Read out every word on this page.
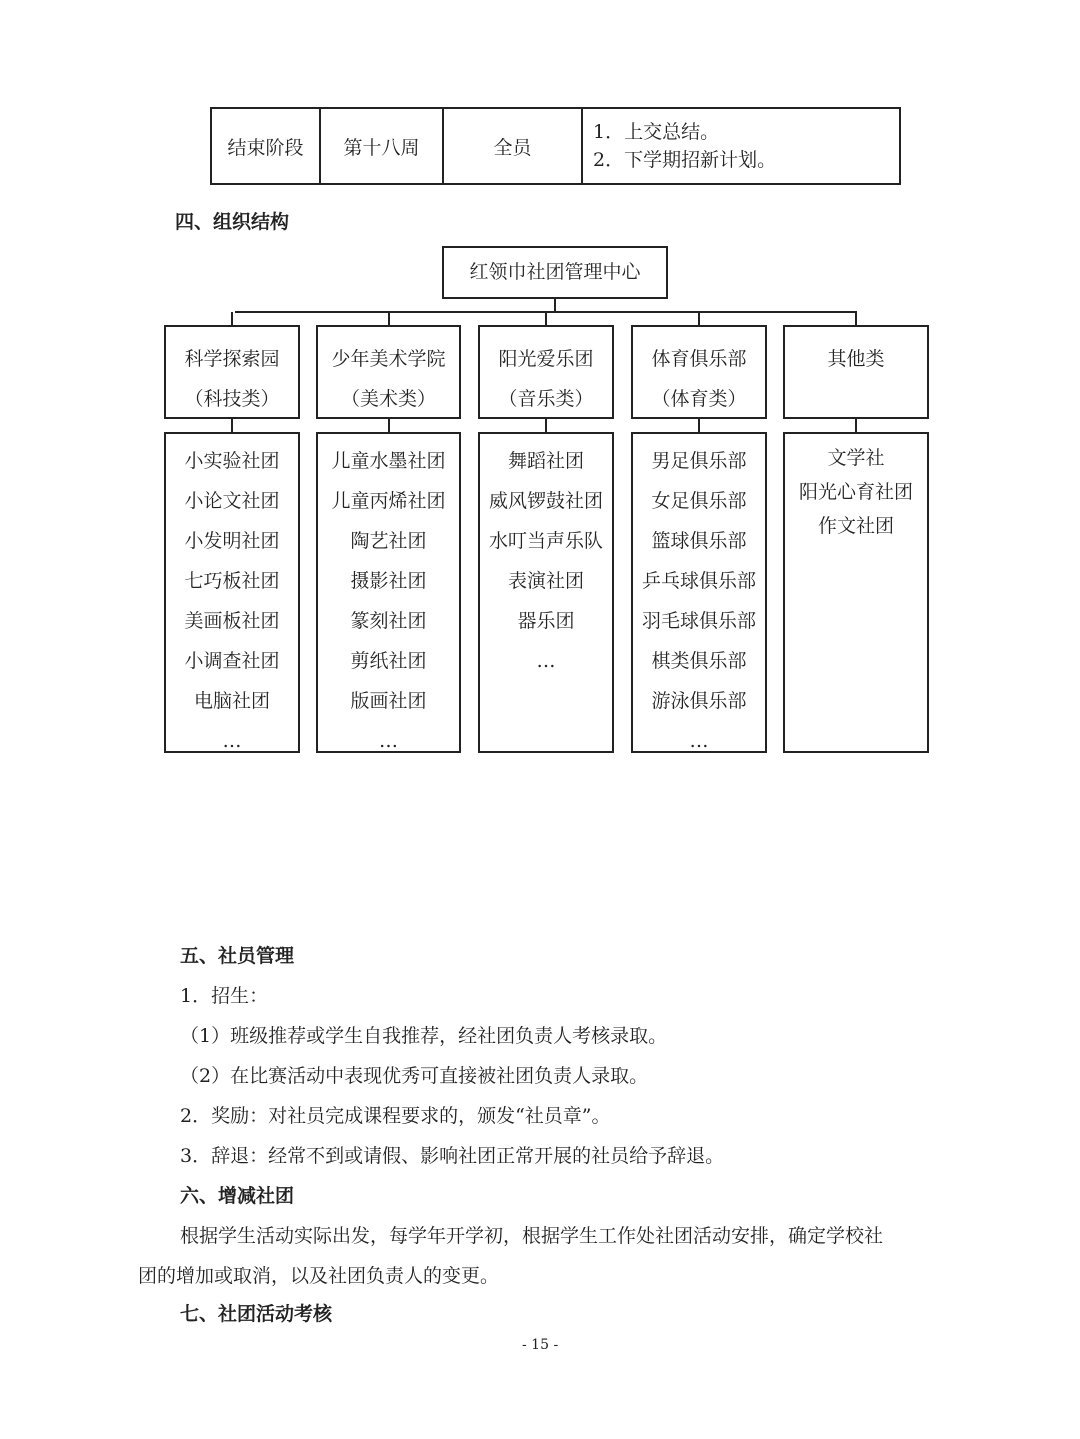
结束阶段	第十八周	全员	
1．上交总结。
2．下学期招新计划。
四、组织结构
红领巾社团管理中心
科学探索园
（科技类）
小实验社团
小论文社团
小发明社团
七巧板社团
美画板社团
小调查社团
电脑社团
…
少年美术学院
（美术类）
儿童水墨社团
儿童丙烯社团
陶艺社团
摄影社团
篆刻社团
剪纸社团
版画社团
…
阳光爱乐团
（音乐类）
舞蹈社团
威风锣鼓社团
水叮当声乐队
表演社团
器乐团
…
体育俱乐部
（体育类）
男足俱乐部
女足俱乐部
篮球俱乐部
乒乓球俱乐部
羽毛球俱乐部
棋类俱乐部
游泳俱乐部
…
其他类
文学社
阳光心育社团
作文社团
五、社员管理
1．招生：
（1）班级推荐或学生自我推荐，经社团负责人考核录取。
（2）在比赛活动中表现优秀可直接被社团负责人录取。
2．奖励：对社员完成课程要求的，颁发“社员章”。
3．辞退：经常不到或请假、影响社团正常开展的社员给予辞退。
六、增减社团
根据学生活动实际出发，每学年开学初，根据学生工作处社团活动安排，确定学校社
团的增加或取消，以及社团负责人的变更。
七、社团活动考核
- 15 -
